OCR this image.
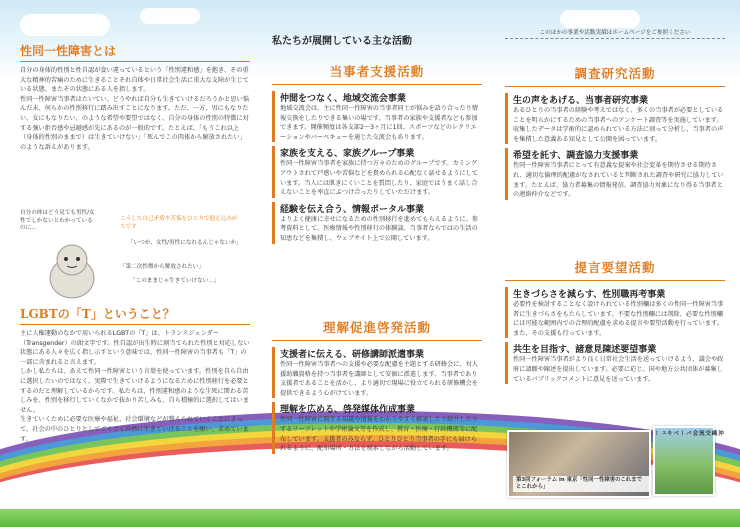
性同一性障害とは

自分の身体的性別と性自認が食い違っているという「性別違和感」を抱き、その重大な精神的苦痛のために生きることそれ自体や日常社会生活に重大な支障が生じている状態、またその状態にある人を指します。

性同一性障害当事者はたいてい、どうやれば自分も生きていけるだろうかと思い悩んだ末、何らかの性別移行に踏み出すことになります。ただ、一方、男にもなりたい、女にもなりたい、のような希望や要望ではなく、自分の身体の性別の特徴に対する強い拒否感や忌避感が先にあるのが一般的です。たとえば、「もうこれ以上（身体的性別のままで）は生きていけない」「死んでこの肉体から解放されたい」のような訴えがあります。

自分の体はどう見ても男性/女性でしかないとわかっているのに…
こうした自己矛盾や苦悩をひとりで抱え込みがちです
「いつか、女性/男性になれるんじゃないか」
「第二次性徴から解放されたい」
「このままじゃ生きていけない…」
LGBTの「T」ということ？

主に人権運動のなかで用いられるLGBTの「T」は、トランスジェンダー（Transgender）の頭文字です。性自認が出生時に割当てられた性別と対応しない状態にある人々を広く指し示すという意味では、性同一性障害の当事者も「T」の一部に含まれると言えます。

しかし私たちは、あえて性同一性障害という言葉を使っています。性別を自ら自由に選択したいのではなく、実際で生きていけるようになるために性別移行を必要とするのだと理解しているからです。私たちは、性別違和感のような生死に関わる苦しみを、性別を移行していくなかで抜かり苦しみも、自ら積極的に選択してはいません。

生きていくために必要な医療や福祉、社会環境などが整えられていくことによって、社会の中のひとりとしてごくごく自然に生きていけることを願い、求めています。

私たちが展開している主な活動
当事者支援活動

仲間をつなく、地域交流会事業

地域交流会は、主に性同一性障害の当事者同士が悩みを語り合ったり情報交換をしたりできる集いの場です。当事者の家族や支援者なども参加できます。開催頻度は各支部2〜3ヶ月に1回、スポーツなどのレクリエーションやバーベキューを通じた交流会もあります。

家族を支える、家族グループ事業

性同一性障害当事者を家族に持つ方々のためのグループです。カミングアウトされて戸惑いや苦悩などを貴められる心配なく話せるようにしています。当人には肌きにくいことを質問したり、家庭ではうまく話し合えないことを率直にぶつけ合ったりしていただけます。

経験を伝え合う、情報ポータル事業

よりよく健康に幸せになるための性別移行を進めてもらえるように、参考資料として、医療情報や性別移行の体験談、当事者ならではの生活の知恵などを集積し、ウェブサイト上で公開しています。

理解促進啓発活動

支援者に伝える、研修講師派遣事業

性同一性障害当事者への支援や必要な配慮を主題とする研修会に、対人援助職資格を持つ当事者を講師として安価に派遣します。当事者であり支援者であることを活かし、より適切で現場に役立てられる研修機会を提供できるよう心がけています。

理解を広める、啓発媒体作成事業

性同一性障害に関する知識や情報をわかりやすく解説したり紹介したりするリーフレットや学術論文等を作成し、教育・医療・行政機関等に配布しています。支援者のみならず、ひとりひとり当事者の手にも届けられるように、配布場所・方法を模索しながら活動しています。

このほかの事業や活動実績はホームページをご参照ください
調査研究活動

生の声をあげる、当事者研究事業

あるひとりの当事者の経験や考えではなく、多くの当事者が必要としていることを明らかにするための当事者へのアンケート調査等を実施しています。収集したデータは学術的に認められている方法に則って分析し、当事者の声を集積した意義ある知見として公開を図っています。

希望を託す、調査協力支援事業

性同一性障害当事者にとって有意義な提案や社会変革を期待させる期待され、適切な倫理的配慮がなされていると判断された調査や研究に協力しています。たとえば、協力者募集の情報発信、調査協力対象になり得る当事者との連絡仲介などです。

提言要望活動

生きづらさを減らす、性別職再考事業

必要性を検討することなく設けられている性別欄は多くの性同一性障害当事者に生きづらさをもたらしています。不要な性別欄には削除、必要な性別欄には可能な範囲内での合理的配慮を求める提言や要望活動を行っています。また、その支援も行っています。

共生を目指す、諸意見陳述要望事業

性同一性障害当事者がより良く日常社会生活を送っていけるよう、議会や政府に請願や陳述を提出しています。必要に応じ、国や地方公共団体が募集しているパブリックコメントに意見を送っています。

第3回フォーラム in 東京「性同一性障害のこれまでとこれから」
沖縄交流会バーベキュー
